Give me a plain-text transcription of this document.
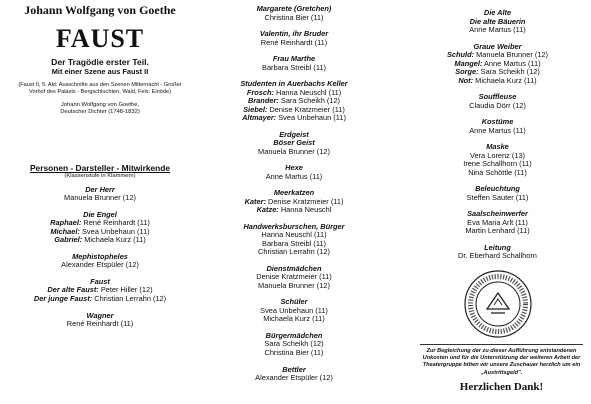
Johann Wolfgang von Goethe
FAUST
Der Tragödie erster Teil.
Mit einer Szene aus Faust II
(Faust II, 5. Akt: Ausschnitte aus den Szenen Mitternacht - Großer Vorhof des Palasts - Bergschluchten, Wald, Fels: Einöde)
Johann Wolfgang von Goethe,
Deutscher Dichter (1748-1832)
Personen - Darsteller - Mitwirkende
(Klassenstufe in Klammern)
Der Herr
Manuela Brunner (12)
Die Engel
Raphael: René Reinhardt (11)
Michael: Svea Unbehaun (11)
Gabriel: Michaela Kurz (11)
Mephistopheles
Alexander Etspüler (12)
Faust
Der alte Faust: Peter Hiller (12)
Der junge Faust: Christian Lerrahn (12)
Wagner
René Reinhardt (11)
Margarete (Gretchen)
Christina Bier (11)
Valentin, ihr Bruder
René Reinhardt (11)
Frau Marthe
Barbara Streibl (11)
Studenten in Auerbachs Keller
Frosch: Hanna Neuschl (11)
Brander: Sara Scheikh (12)
Siebel: Denise Kratzmeier (11)
Altmayer: Svea Unbehaun (11)
Erdgeist
Böser Geist
Manuela Brunner (12)
Hexe
Anne Martus (11)
Meerkatzen
Kater: Denise Kratzmeier (11)
Katze: Hanna Neuschl
Handwerksburschen, Bürger
Hanna Neuschl (11)
Barbara Streibl (11)
Christian Lerrahn (12)
Dienstmädchen
Denise Kratzmeier (11)
Manuela Brunner (12)
Schüler
Svea Unbehaun (11)
Michaela Kurz (11)
Bürgermädchen
Sara Scheikh (12)
Christina Bier (11)
Bettler
Alexander Etspüler (12)
Die Alte
Die alte Bäuerin
Anne Martus (11)
Graue Weiber
Schuld: Manuela Brunner (12)
Mangel: Anne Martus (11)
Sorge: Sara Scheikh (12)
Not: Michaela Kurz (11)
Souffleuse
Claudia Dörr (12)
Kostüme
Anne Martus (11)
Maske
Vera Lorenz (13)
Irene Schallhorn (11)
Nina Schöttle (11)
Beleuchtung
Steffen Sauter (11)
Saalscheinwerfer
Eva Maria Arlt (11)
Martin Lenhard (11)
Leitung
Dr. Eberhard Schallhorn
Zur Begleichung der zu dieser Aufführung entstandenen Unkosten und für die Unterstützung der weiteren Arbeit der Theatergruppe bitten wir unsere Zuschauer herzlich um ein „Austrittsgeld".
Herzlichen Dank!
